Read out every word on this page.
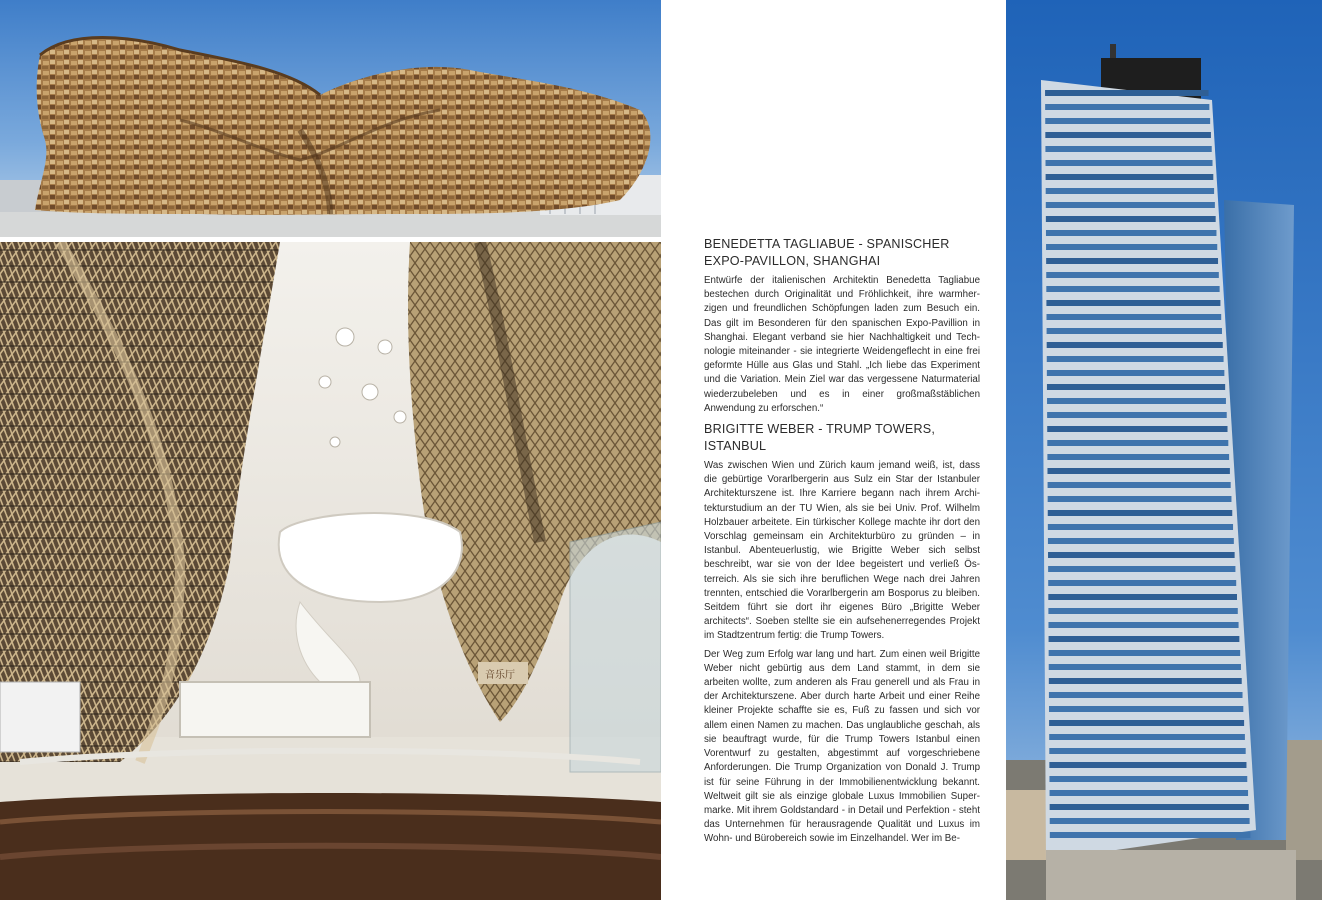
音乐厅
BENEDETTA TAGLIABUE - SPANISCHER EXPO-PAVILLON, SHANGHAI

Entwürfe der italienischen Architektin Benedetta Tagliabue bestechen durch Originalität und Fröhlichkeit, ihre warmherzigen und freundlichen Schöpfungen laden zum Besuch ein. Das gilt im Besonderen für den spanischen Expo-Pavillion in Shanghai. Elegant verband sie hier Nachhaltigkeit und Technologie miteinander - sie integrierte Weidengeflecht in eine frei geformte Hülle aus Glas und Stahl. „Ich liebe das Experiment und die Variation. Mein Ziel war das vergessene Naturmaterial wiederzubeleben und es in einer großmaßstäblichen Anwendung zu erforschen.“

BRIGITTE WEBER - TRUMP TOWERS, ISTANBUL

Was zwischen Wien und Zürich kaum jemand weiß, ist, dass die gebürtige Vorarlbergerin aus Sulz ein Star der Istanbuler Architekturszene ist. Ihre Karriere begann nach ihrem Architekturstudium an der TU Wien, als sie bei Univ. Prof. Wilhelm Holzbauer arbeitete. Ein türkischer Kollege machte ihr dort den Vorschlag gemeinsam ein Architekturbüro zu gründen – in Istanbul. Abenteuerlustig, wie Brigitte Weber sich selbst beschreibt, war sie von der Idee begeistert und verließ Österreich. Als sie sich ihre beruflichen Wege nach drei Jahren trennten, entschied die Vorarlbergerin am Bosporus zu bleiben. Seitdem führt sie dort ihr eigenes Büro „Brigitte Weber architects“. Soeben stellte sie ein aufsehenerregendes Projekt im Stadtzentrum fertig: die Trump Towers.

Der Weg zum Erfolg war lang und hart. Zum einen weil Brigitte Weber nicht gebürtig aus dem Land stammt, in dem sie arbeiten wollte, zum anderen als Frau generell und als Frau in der Architekturszene. Aber durch harte Arbeit und einer Reihe kleiner Projekte schaffte sie es, Fuß zu fassen und sich vor allem einen Namen zu machen. Das unglaubliche geschah, als sie beauftragt wurde, für die Trump Towers Istanbul einen Vorentwurf zu gestalten, abgestimmt auf vorgeschriebene Anforderungen. Die Trump Organization von Donald J. Trump ist für seine Führung in der Immobilienentwicklung bekannt. Weltweit gilt sie als einzige globale Luxus Immobilien Supermarke. Mit ihrem Goldstandard - in Detail und Perfektion - steht das Unternehmen für herausragende Qualität und Luxus im Wohn- und Bürobereich sowie im Einzelhandel. Wer im Be-
